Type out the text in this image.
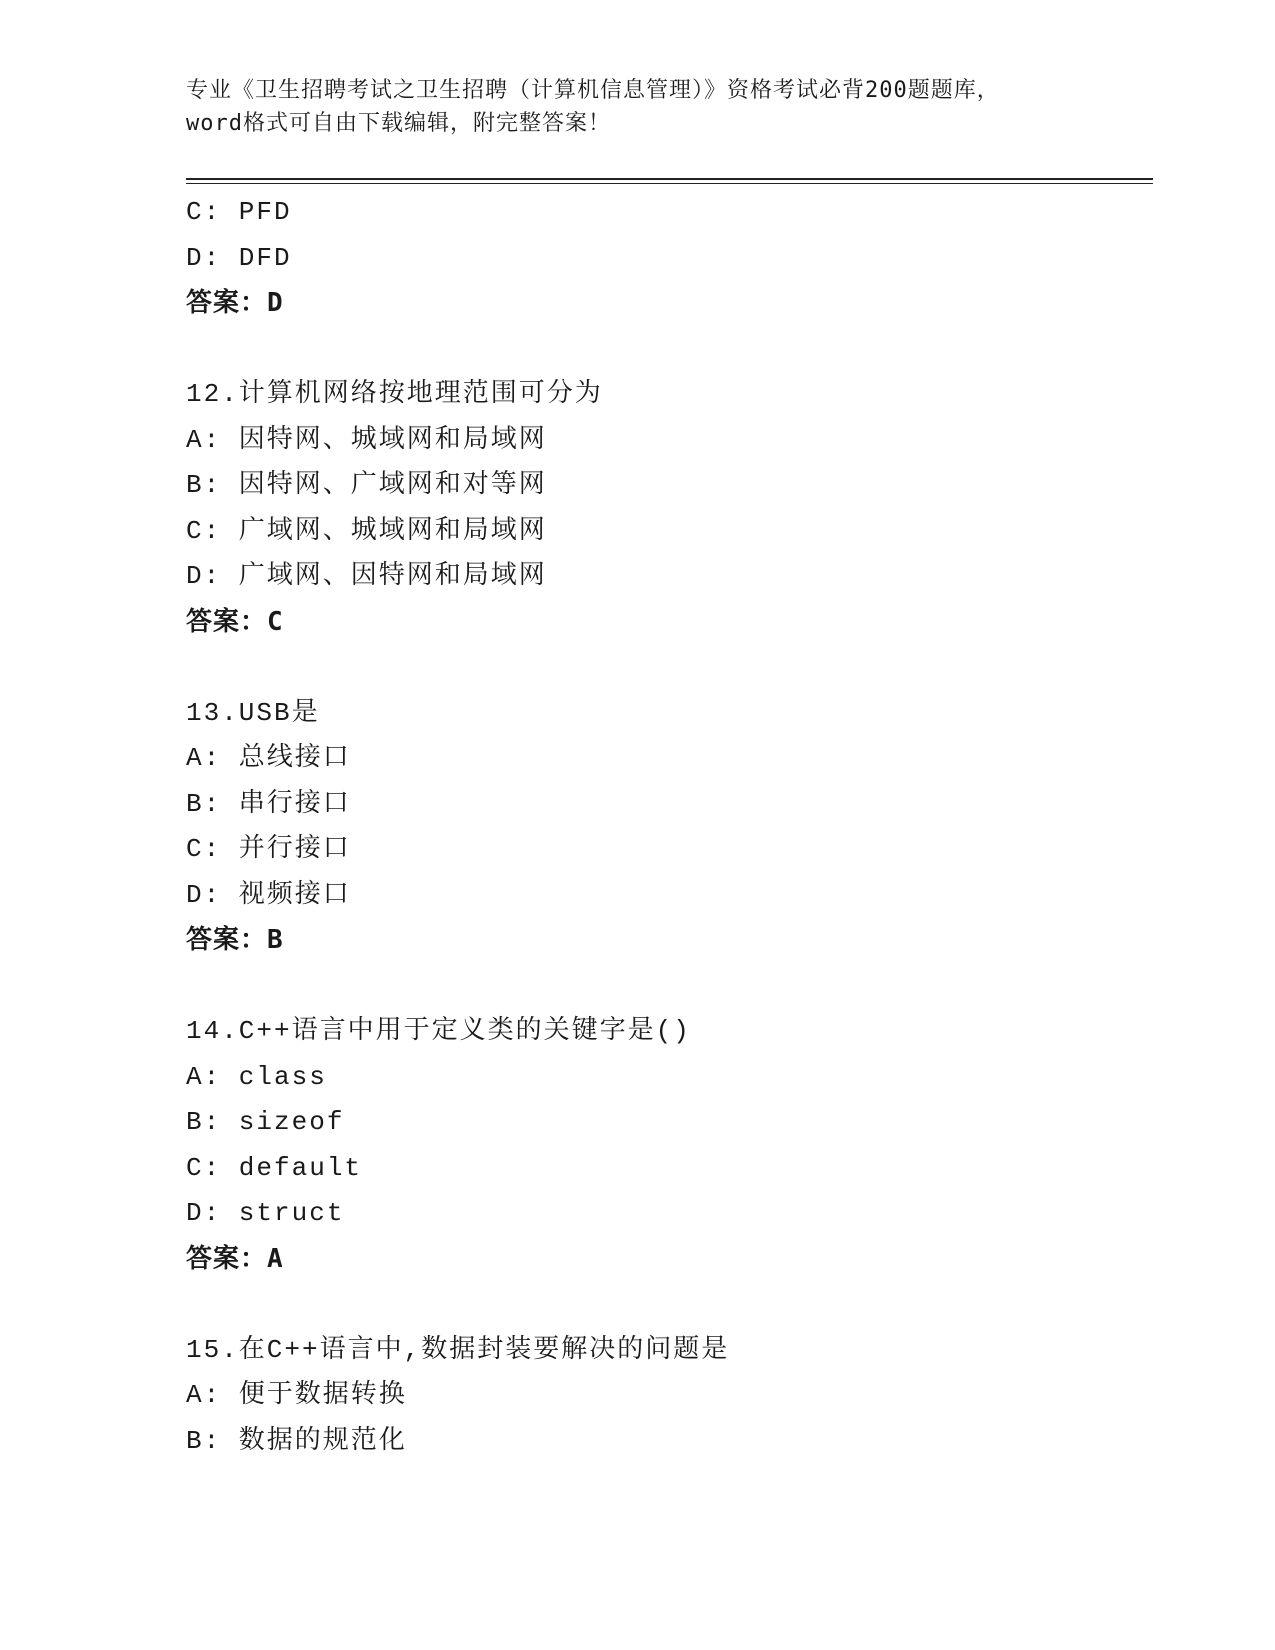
专业《卫生招聘考试之卫生招聘（计算机信息管理）》资格考试必背200题题库，
word格式可自由下载编辑，附完整答案！
C: PFD
D: DFD
答案：D
12.计算机网络按地理范围可分为
A: 因特网、城域网和局域网
B: 因特网、广域网和对等网
C: 广域网、城域网和局域网
D: 广域网、因特网和局域网
答案：C
13.USB是
A: 总线接口
B: 串行接口
C: 并行接口
D: 视频接口
答案：B
14.C++语言中用于定义类的关键字是()
A: class
B: sizeof
C: default
D: struct
答案：A
15.在C++语言中,数据封装要解决的问题是
A: 便于数据转换
B: 数据的规范化
